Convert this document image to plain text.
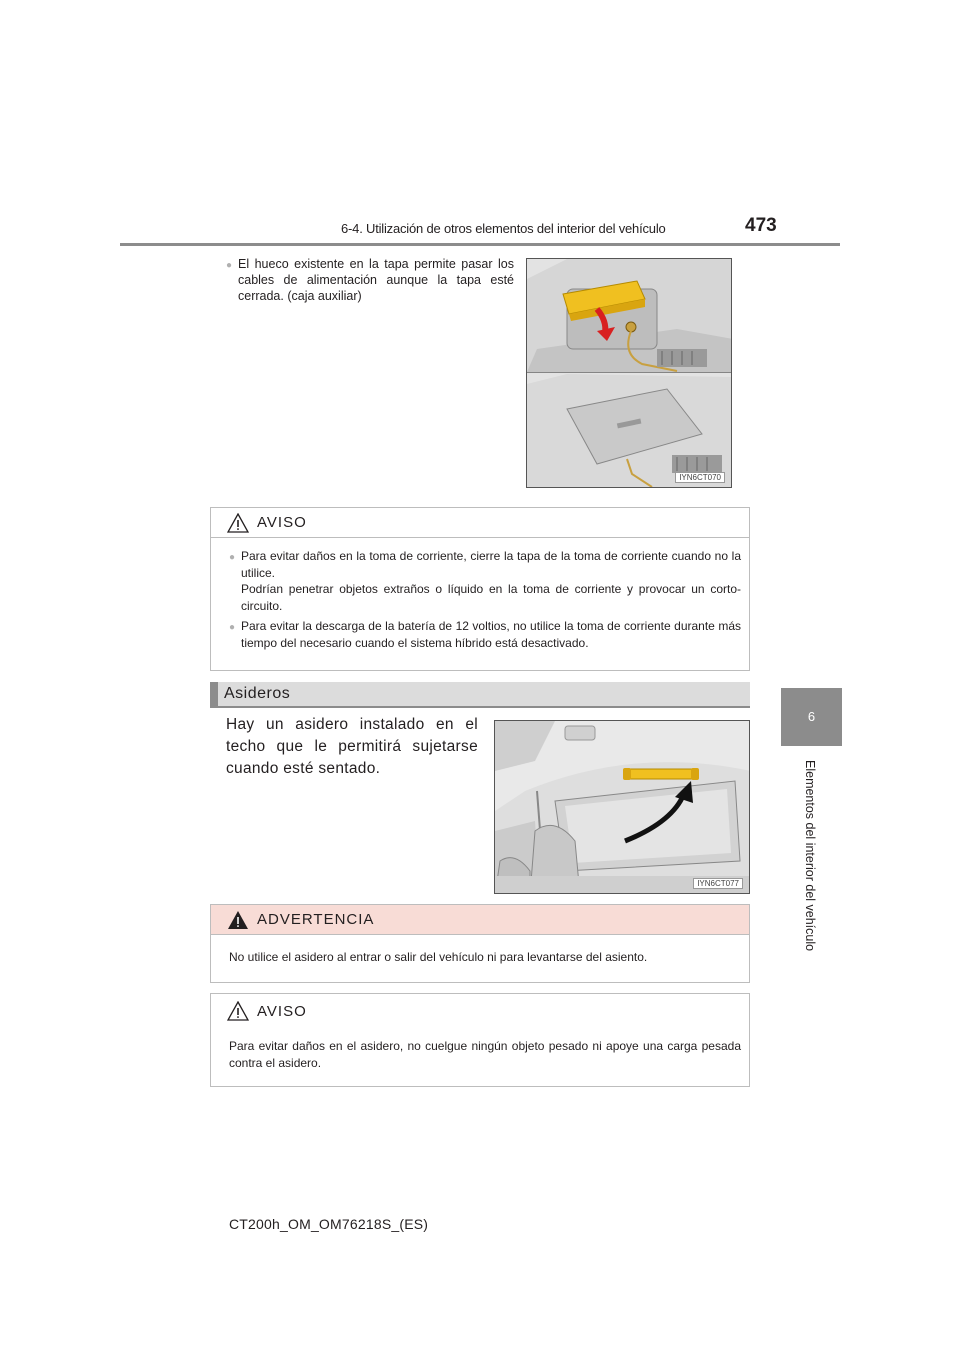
6-4. Utilización de otros elementos del interior del vehículo	473
6
Elementos del interior del vehículo
● El hueco existente en la tapa permite pasar los cables de alimentación aunque la tapa esté cerrada. (caja auxiliar)
IYN6CT070
AVISO
● Para evitar daños en la toma de corriente, cierre la tapa de la toma de corriente cuando no la utilice.
Podrían penetrar objetos extraños o líquido en la toma de corriente y provocar un corto-circuito.
● Para evitar la descarga de la batería de 12 voltios, no utilice la toma de corriente durante más tiempo del necesario cuando el sistema híbrido está desactivado.
Asideros
Hay un asidero instalado en el techo que le permitirá sujetarse cuando esté sentado.
IYN6CT077
ADVERTENCIA
No utilice el asidero al entrar o salir del vehículo ni para levantarse del asiento.
AVISO
Para evitar daños en el asidero, no cuelgue ningún objeto pesado ni apoye una carga pesada contra el asidero.
CT200h_OM_OM76218S_(ES)
